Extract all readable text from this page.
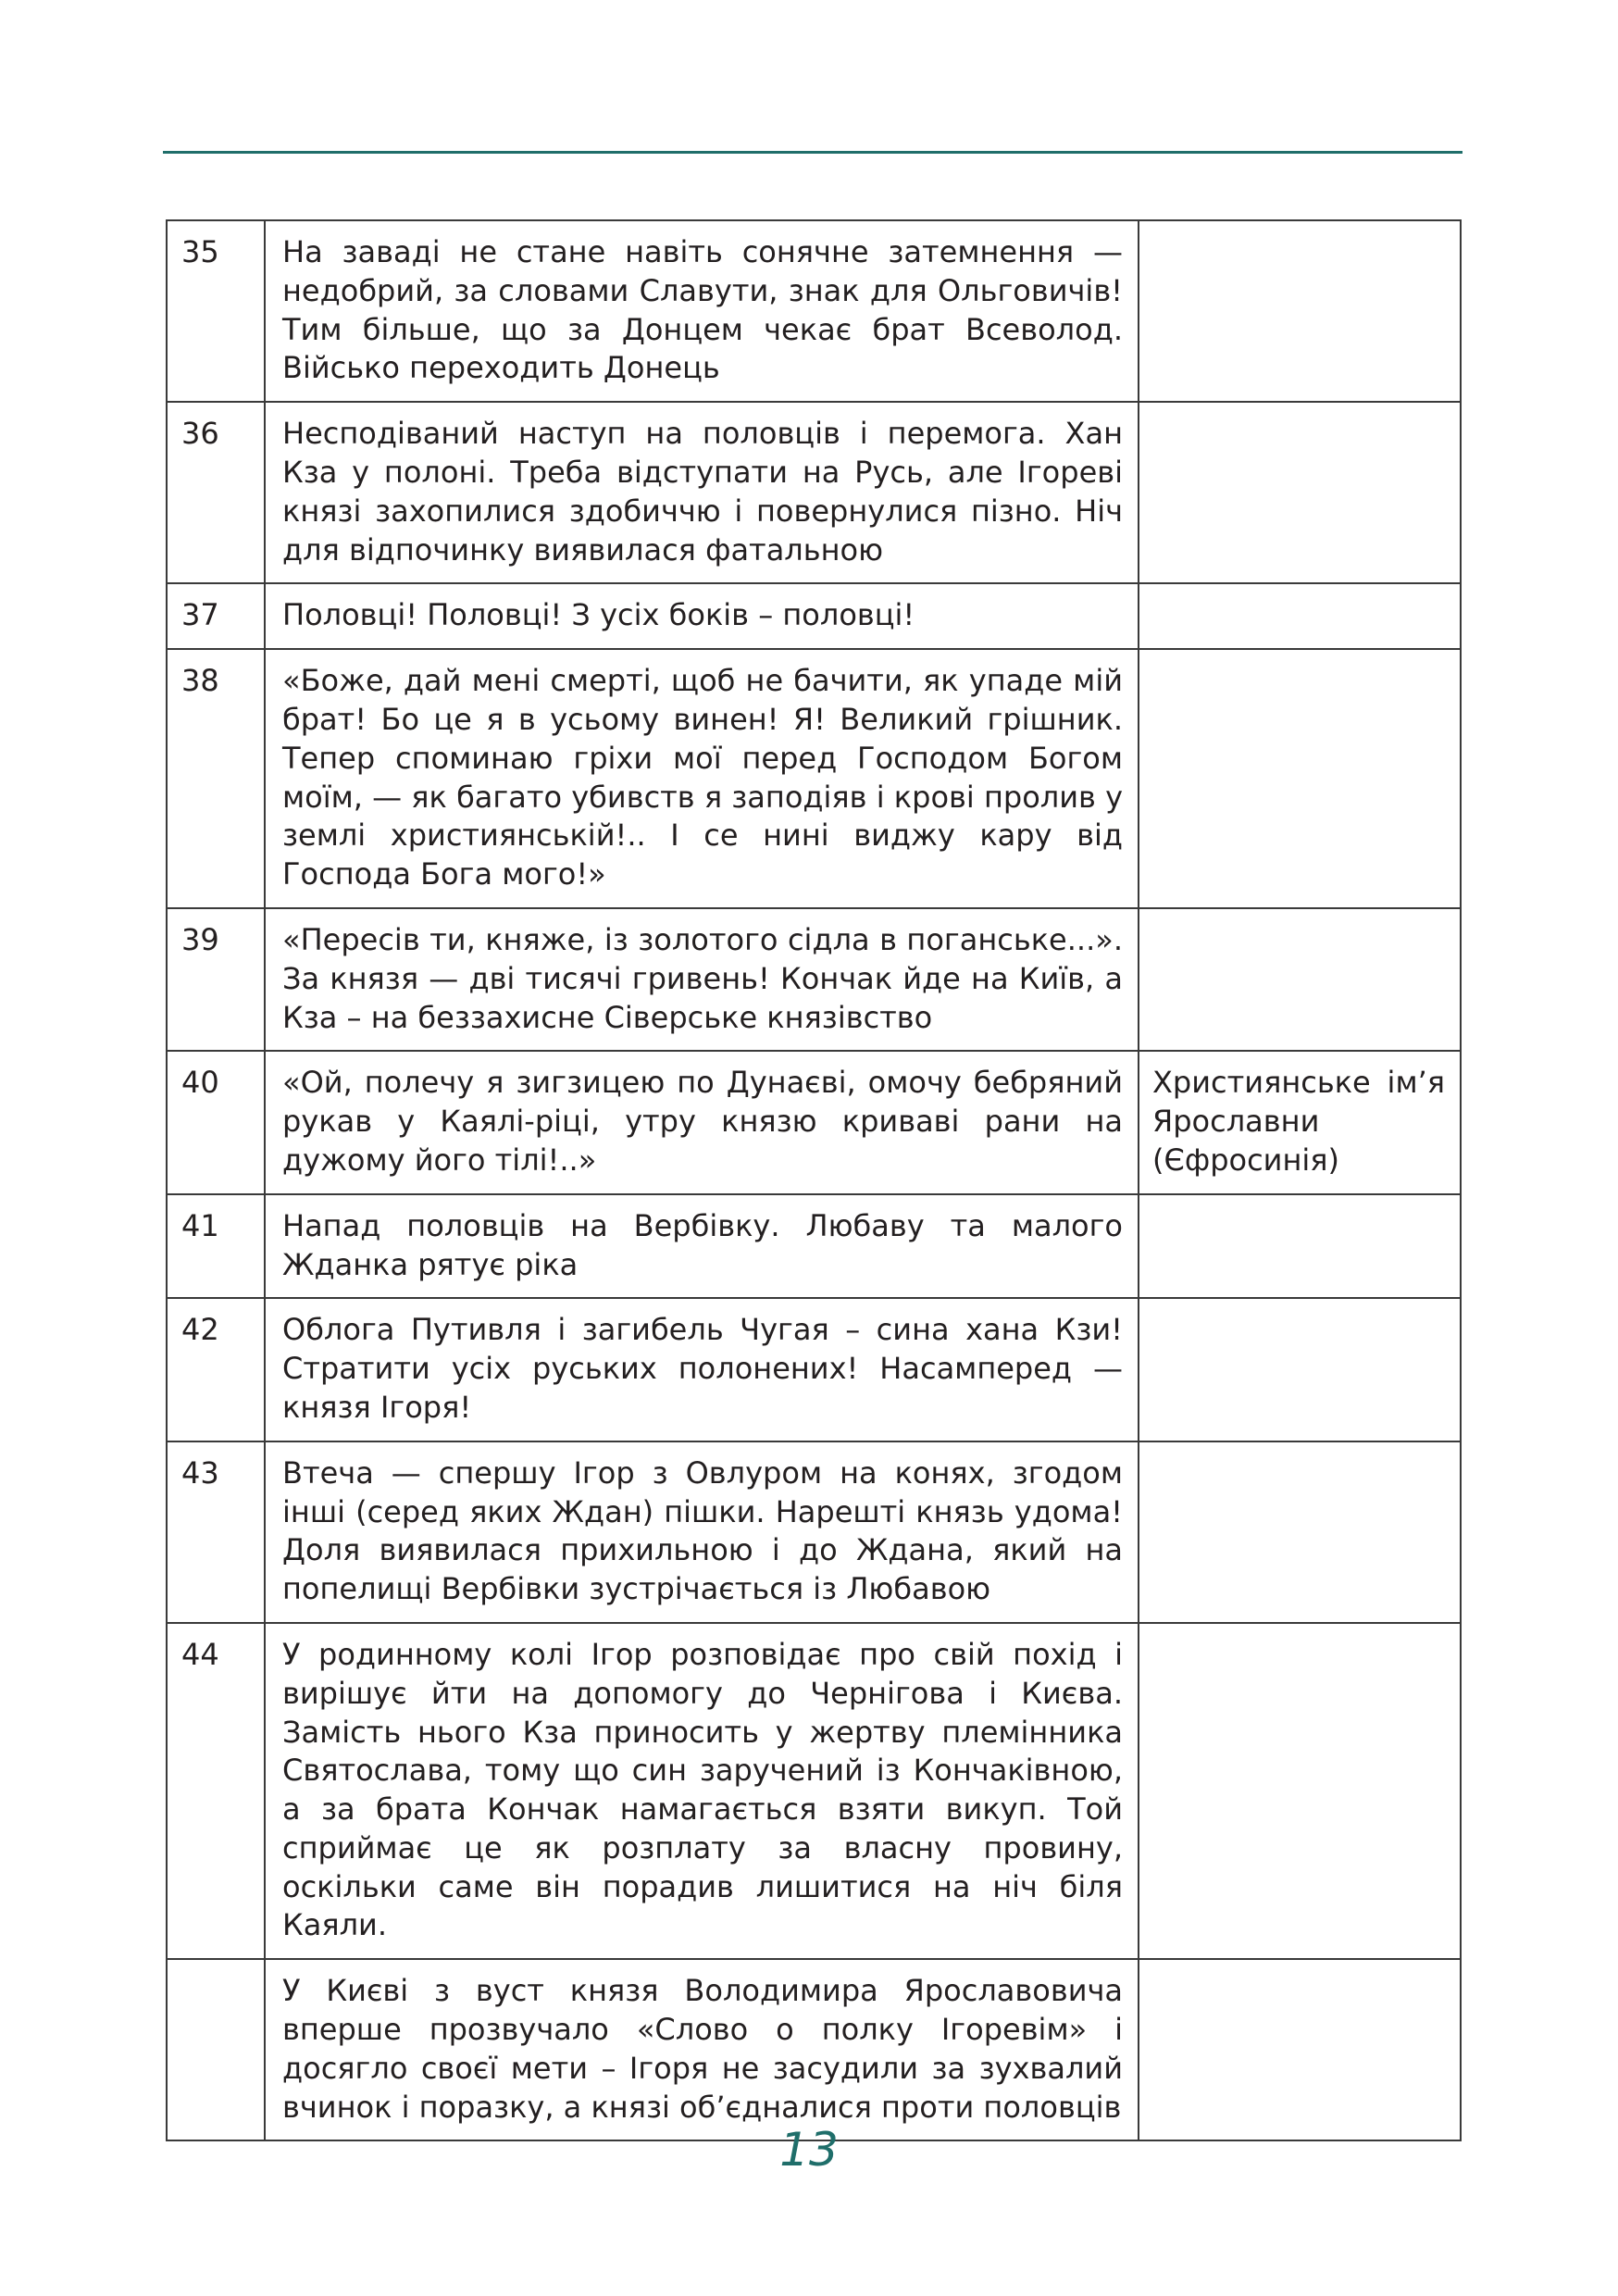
35	На заваді не стане навіть сонячне затемнення — недобрий, за словами Славути, знак для Ольговичів! Тим більше, що за Донцем чекає брат Всеволод. Військо переходить Донець	
36	Несподіваний наступ на половців і перемога. Хан Кза у полоні. Треба відступати на Русь, але Ігореві князі захопилися здобиччю і повернулися пізно. Ніч для відпочинку виявилася фатальною	
37	Половці! Половці! З усіх боків – половці!	
38	«Боже, дай мені смерті, щоб не бачити, як упаде мій брат! Бо це я в усьому винен! Я! Великий грішник. Тепер споминаю гріхи мої перед Господом Богом моїм, — як багато убивств я заподіяв і крові пролив у землі християнській!.. І се нині виджу кару від Господа Бога мого!»	
39	«Пересів ти, княже, із золотого сідла в поганське...». За князя — дві тисячі гривень! Кончак йде на Київ, а Кза – на беззахисне Сіверське князівство	
40	«Ой, полечу я зигзицею по Дунаєві, омочу бебряний рукав у Каялі-ріці, утру князю криваві рани на дужому його тілі!..»	Християнське ім’я Ярославни (Єфросинія)
41	Напад половців на Вербівку. Любаву та малого Жданка рятує ріка	
42	Облога Путивля і загибель Чугая – сина хана Кзи! Стратити усіх руських полонених! Насамперед — князя Ігоря!	
43	Втеча — спершу Ігор з Овлуром на конях, згодом інші (серед яких Ждан) пішки. Нарешті князь удома! Доля виявилася прихильною і до Ждана, який на попелищі Вербівки зустрічається із Любавою	
44	У родинному колі Ігор розповідає про свій похід і вирішує йти на допомогу до Чернігова і Києва. Замість нього Кза приносить у жертву племінника Святослава, тому що син заручений із Кончаківною, а за брата Кончак намагається взяти викуп. Той сприймає це як розплату за власну провину, оскільки саме він порадив лишитися на ніч біля Каяли.	
	У Києві з вуст князя Володимира Ярославовича вперше прозвучало «Слово о полку Ігоревім» і досягло своєї мети – Ігоря не засудили за зухвалий вчинок і поразку, а князі об’єдналися проти половців	
13
